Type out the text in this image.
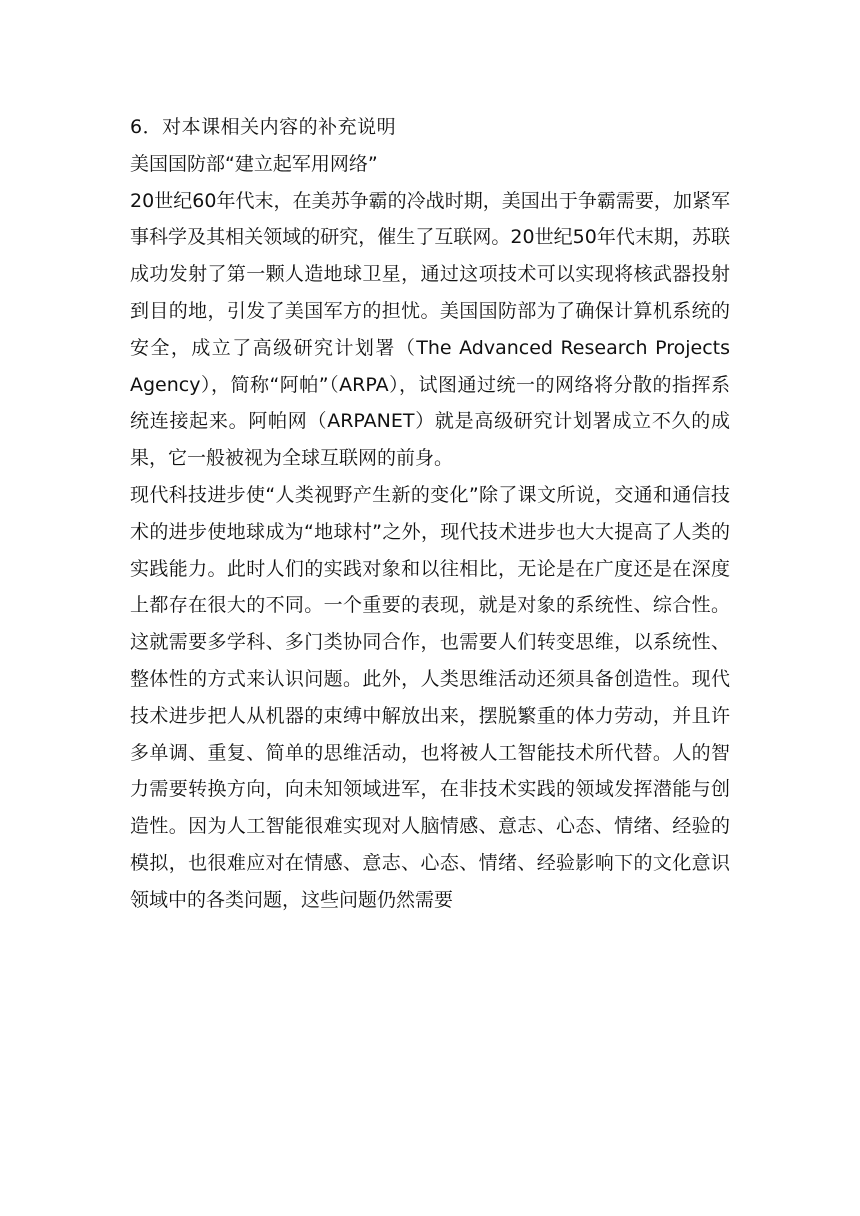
6．对本课相关内容的补充说明

美国国防部“建立起军用网络”

20世纪60年代末，在美苏争霸的冷战时期，美国出于争霸需要，加紧军事科学及其相关领域的研究，催生了互联网。20世纪50年代末期，苏联成功发射了第一颗人造地球卫星，通过这项技术可以实现将核武器投射到目的地，引发了美国军方的担忧。美国国防部为了确保计算机系统的安全，成立了高级研究计划署（The Advanced Research Projects Agency），简称“阿帕”（ARPA），试图通过统一的网络将分散的指挥系统连接起来。阿帕网（ARPANET）就是高级研究计划署成立不久的成果，它一般被视为全球互联网的前身。

现代科技进步使“人类视野产生新的变化”除了课文所说，交通和通信技术的进步使地球成为“地球村”之外，现代技术进步也大大提高了人类的实践能力。此时人们的实践对象和以往相比，无论是在广度还是在深度上都存在很大的不同。一个重要的表现，就是对象的系统性、综合性。这就需要多学科、多门类协同合作，也需要人们转变思维，以系统性、整体性的方式来认识问题。此外，人类思维活动还须具备创造性。现代技术进步把人从机器的束缚中解放出来，摆脱繁重的体力劳动，并且许多单调、重复、简单的思维活动，也将被人工智能技术所代替。人的智力需要转换方向，向未知领域进军，在非技术实践的领域发挥潜能与创造性。因为人工智能很难实现对人脑情感、意志、心态、情绪、经验的模拟，也很难应对在情感、意志、心态、情绪、经验影响下的文化意识领域中的各类问题，这些问题仍然需要
